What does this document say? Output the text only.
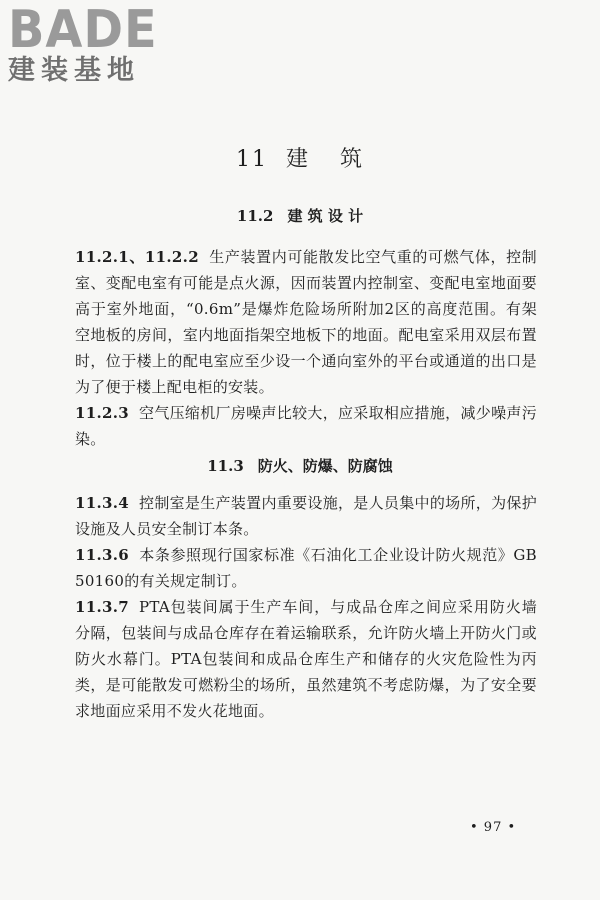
BADE
建装基地
11 建 筑
11.2 建 筑 设 计

11.2.1、11.2.2 生产装置内可能散发比空气重的可燃气体，控制室、变配电室有可能是点火源，因而装置内控制室、变配电室地面要高于室外地面，“0.6m”是爆炸危险场所附加2区的高度范围。有架空地板的房间，室内地面指架空地板下的地面。配电室采用双层布置时，位于楼上的配电室应至少设一个通向室外的平台或通道的出口是为了便于楼上配电柜的安装。

11.2.3 空气压缩机厂房噪声比较大，应采取相应措施，减少噪声污染。

11.3 防火、防爆、防腐蚀

11.3.4 控制室是生产装置内重要设施，是人员集中的场所，为保护设施及人员安全制订本条。

11.3.6 本条参照现行国家标准《石油化工企业设计防火规范》GB 50160的有关规定制订。

11.3.7 PTA包装间属于生产车间，与成品仓库之间应采用防火墙分隔，包装间与成品仓库存在着运输联系，允许防火墙上开防火门或防火水幕门。PTA包装间和成品仓库生产和储存的火灾危险性为丙类，是可能散发可燃粉尘的场所，虽然建筑不考虑防爆，为了安全要求地面应采用不发火花地面。

• 97 •
